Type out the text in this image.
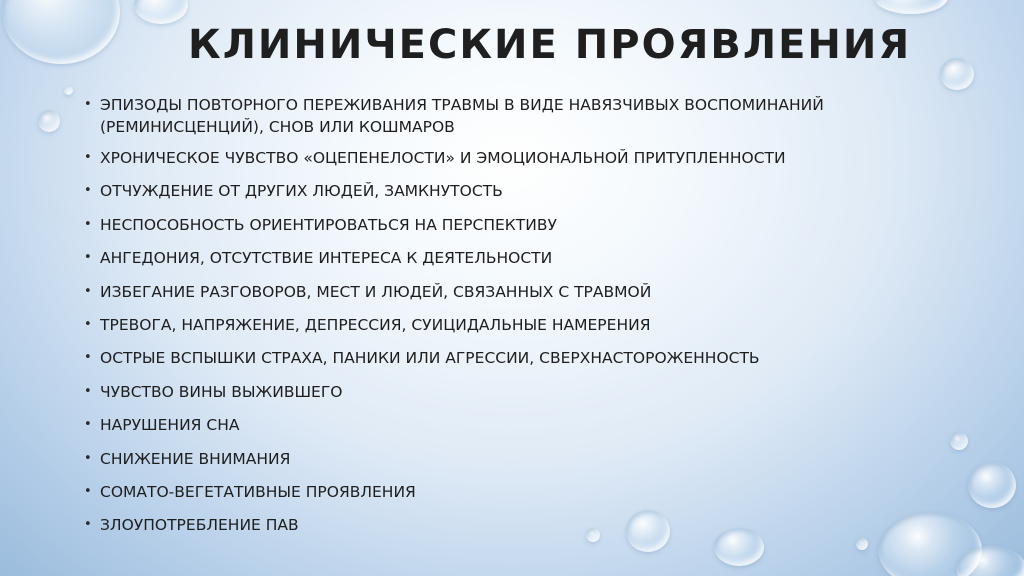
КЛИНИЧЕСКИЕ ПРОЯВЛЕНИЯ
• ЭПИЗОДЫ ПОВТОРНОГО ПЕРЕЖИВАНИЯ ТРАВМЫ В ВИДЕ НАВЯЗЧИВЫХ ВОСПОМИНАНИЙ
(РЕМИНИСЦЕНЦИЙ), СНОВ ИЛИ КОШМАРОВ
• ХРОНИЧЕСКОЕ ЧУВСТВО «ОЦЕПЕНЕЛОСТИ» И ЭМОЦИОНАЛЬНОЙ ПРИТУПЛЕННОСТИ
• ОТЧУЖДЕНИЕ ОТ ДРУГИХ ЛЮДЕЙ, ЗАМКНУТОСТЬ
• НЕСПОСОБНОСТЬ ОРИЕНТИРОВАТЬСЯ НА ПЕРСПЕКТИВУ
• АНГЕДОНИЯ, ОТСУТСТВИЕ ИНТЕРЕСА К ДЕЯТЕЛЬНОСТИ
• ИЗБЕГАНИЕ РАЗГОВОРОВ, МЕСТ И ЛЮДЕЙ, СВЯЗАННЫХ С ТРАВМОЙ
• ТРЕВОГА, НАПРЯЖЕНИЕ, ДЕПРЕССИЯ, СУИЦИДАЛЬНЫЕ НАМЕРЕНИЯ
• ОСТРЫЕ ВСПЫШКИ СТРАХА, ПАНИКИ ИЛИ АГРЕССИИ, СВЕРХНАСТОРОЖЕННОСТЬ
• ЧУВСТВО ВИНЫ ВЫЖИВШЕГО
• НАРУШЕНИЯ СНА
• СНИЖЕНИЕ ВНИМАНИЯ
• СОМАТО-ВЕГЕТАТИВНЫЕ ПРОЯВЛЕНИЯ
• ЗЛОУПОТРЕБЛЕНИЕ ПАВ
